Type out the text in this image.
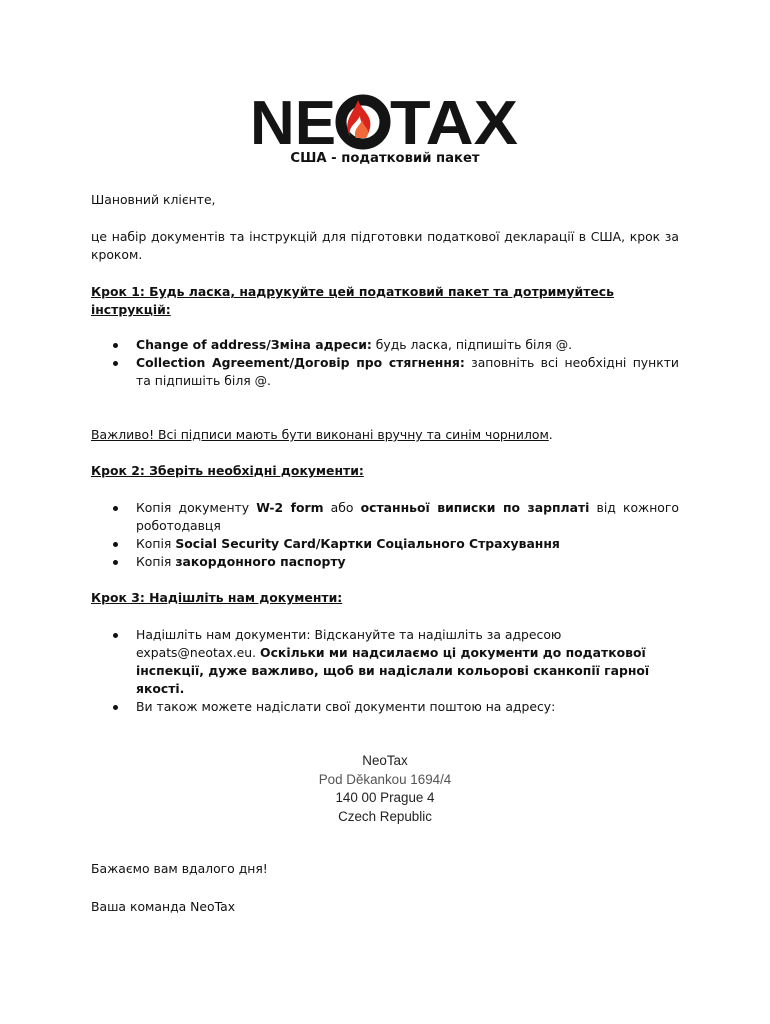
NE TAX
США - податковий пакет
Шановний клієнте,
це набір документів та інструкцій для підготовки податкової декларації в США, крок за кроком.
Крок 1: Будь ласка, надрукуйте цей податковий пакет та дотримуйтесь інструкцій:
Change of address/Зміна адреси: будь ласка, підпишіть біля @.
Collection Agreement/Договір про стягнення: заповніть всі необхідні пункти та підпишіть біля @.
Важливо! Всі підписи мають бути виконані вручну та синім чорнилом.
Крок 2: Зберіть необхідні документи:
Копія документу W-2 form або останньої виписки по зарплаті від кожного роботодавця
Копія Social Security Card/Картки Соціального Страхування
Копія закордонного паспорту
Крок 3: Надішліть нам документи:
Надішліть нам документи: Відскануйте та надішліть за адресою expats@neotax.eu. Оскільки ми надсилаємо ці документи до податкової інспекції, дуже важливо, щоб ви надіслали кольорові сканкопії гарної якості.
Ви також можете надіслати свої документи поштою на адресу:
NeoTax
Pod Děkankou 1694/4
140 00 Prague 4
Czech Republic
Бажаємо вам вдалого дня!
Ваша команда NeoTax
